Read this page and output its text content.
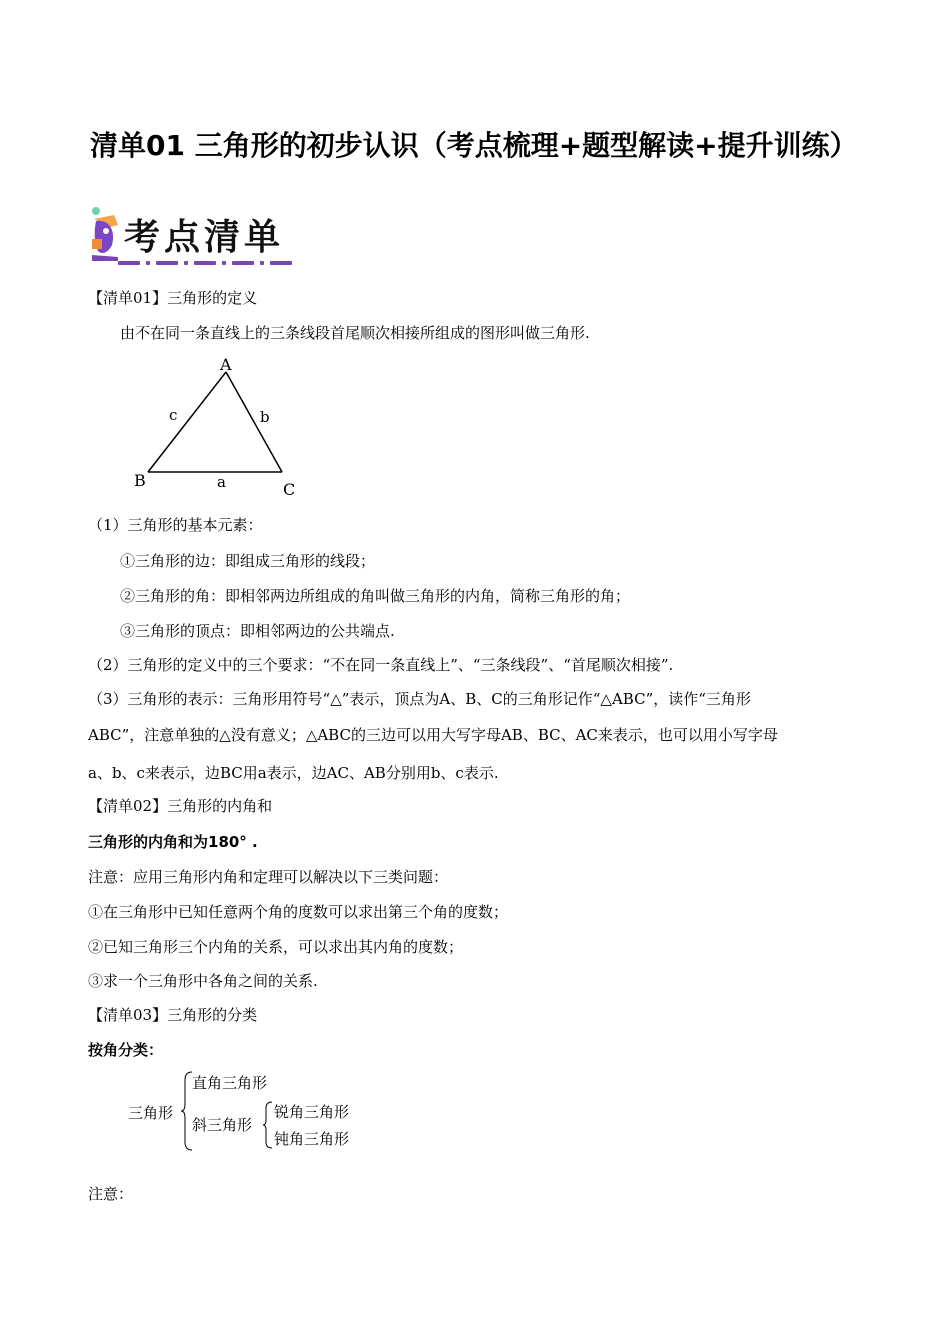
清单01 三角形的初步认识（考点梳理+题型解读+提升训练）
考点清单
【清单01】三角形的定义
由不在同一条直线上的三条线段首尾顺次相接所组成的图形叫做三角形.
A
B	C
c	b
a
（1）三角形的基本元素：
①三角形的边：即组成三角形的线段；
②三角形的角：即相邻两边所组成的角叫做三角形的内角，简称三角形的角；
③三角形的顶点：即相邻两边的公共端点.
（2）三角形的定义中的三个要求：“不在同一条直线上”、“三条线段”、“首尾顺次相接”.
（3）三角形的表示：三角形用符号“△”表示，顶点为A、B、C的三角形记作“△ABC”，读作“三角形
ABC”，注意单独的△没有意义；△ABC的三边可以用大写字母AB、BC、AC来表示，也可以用小写字母
a、b、c来表示，边BC用a表示，边AC、AB分别用b、c表示.
【清单02】三角形的内角和
三角形的内角和为180° .
注意：应用三角形内角和定理可以解决以下三类问题：
①在三角形中已知任意两个角的度数可以求出第三个角的度数；
②已知三角形三个内角的关系，可以求出其内角的度数；
③求一个三角形中各角之间的关系.
【清单03】三角形的分类
按角分类：
三角形
直角三角形
斜三角形
锐角三角形
钝角三角形
注意：
